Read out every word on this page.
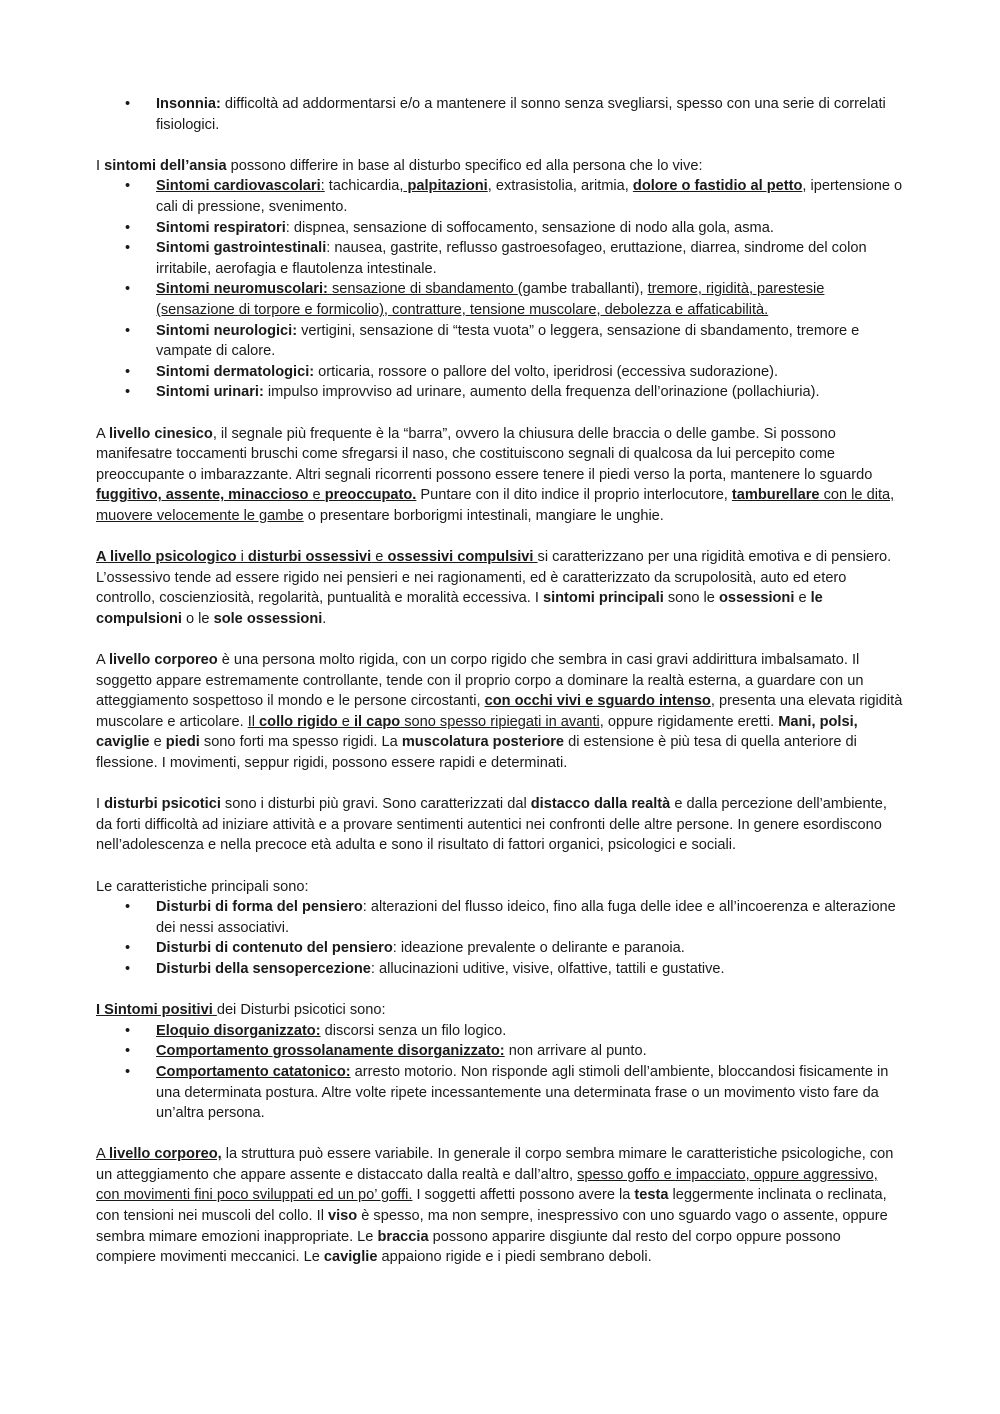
• Insonnia: difficoltà ad addormentarsi e/o a mantenere il sonno senza svegliarsi, spesso con una serie di correlati fisiologici.

I sintomi dell’ansia possono differire in base al disturbo specifico ed alla persona che lo vive:

• Sintomi cardiovascolari: tachicardia, palpitazioni, extrasistolia, aritmia, dolore o fastidio al petto, ipertensione o cali di pressione, svenimento.
• Sintomi respiratori: dispnea, sensazione di soffocamento, sensazione di nodo alla gola, asma.
• Sintomi gastrointestinali: nausea, gastrite, reflusso gastroesofageo, eruttazione, diarrea, sindrome del colon irritabile, aerofagia e flautolenza intestinale.
• Sintomi neuromuscolari: sensazione di sbandamento (gambe traballanti), tremore, rigidità, parestesie (sensazione di torpore e formicolio), contratture, tensione muscolare, debolezza e affaticabilità.
• Sintomi neurologici: vertigini, sensazione di “testa vuota” o leggera, sensazione di sbandamento, tremore e vampate di calore.
• Sintomi dermatologici: orticaria, rossore o pallore del volto, iperidrosi (eccessiva sudorazione).
• Sintomi urinari: impulso improvviso ad urinare, aumento della frequenza dell’orinazione (pollachiuria).

A livello cinesico, il segnale più frequente è la “barra”, ovvero la chiusura delle braccia o delle gambe. Si possono manifesatre toccamenti bruschi come sfregarsi il naso, che costituiscono segnali di qualcosa da lui percepito come preoccupante o imbarazzante. Altri segnali ricorrenti possono essere tenere il piedi verso la porta, mantenere lo sguardo fuggitivo, assente, minaccioso e preoccupato. Puntare con il dito indice il proprio interlocutore, tamburellare con le dita, muovere velocemente le gambe o presentare borborigmi intestinali, mangiare le unghie.

A livello psicologico i disturbi ossessivi e ossessivi compulsivi si caratterizzano per una rigidità emotiva e di pensiero. L’ossessivo tende ad essere rigido nei pensieri e nei ragionamenti, ed è caratterizzato da scrupolosità, auto ed etero controllo, coscienziosità, regolarità, puntualità e moralità eccessiva. I sintomi principali sono le ossessioni e le compulsioni o le sole ossessioni.

A livello corporeo è una persona molto rigida, con un corpo rigido che sembra in casi gravi addirittura imbalsamato. Il soggetto appare estremamente controllante, tende con il proprio corpo a dominare la realtà esterna, a guardare con un atteggiamento sospettoso il mondo e le persone circostanti, con occhi vivi e sguardo intenso, presenta una elevata rigidità muscolare e articolare. Il collo rigido e il capo sono spesso ripiegati in avanti, oppure rigidamente eretti. Mani, polsi, caviglie e piedi sono forti ma spesso rigidi. La muscolatura posteriore di estensione è più tesa di quella anteriore di flessione. I movimenti, seppur rigidi, possono essere rapidi e determinati.

I disturbi psicotici sono i disturbi più gravi. Sono caratterizzati dal distacco dalla realtà e dalla percezione dell’ambiente, da forti difficoltà ad iniziare attività e a provare sentimenti autentici nei confronti delle altre persone. In genere esordiscono nell’adolescenza e nella precoce età adulta e sono il risultato di fattori organici, psicologici e sociali.

Le caratteristiche principali sono:

• Disturbi di forma del pensiero: alterazioni del flusso ideico, fino alla fuga delle idee e all’incoerenza e alterazione dei nessi associativi.
• Disturbi di contenuto del pensiero: ideazione prevalente o delirante e paranoia.
• Disturbi della sensopercezione: allucinazioni uditive, visive, olfattive, tattili e gustative.

I Sintomi positivi dei Disturbi psicotici sono:

• Eloquio disorganizzato: discorsi senza un filo logico.
• Comportamento grossolanamente disorganizzato: non arrivare al punto.
• Comportamento catatonico: arresto motorio. Non risponde agli stimoli dell’ambiente, bloccandosi fisicamente in una determinata postura. Altre volte ripete incessantemente una determinata frase o un movimento visto fare da un’altra persona.

A livello corporeo, la struttura può essere variabile. In generale il corpo sembra mimare le caratteristiche psicologiche, con un atteggiamento che appare assente e distaccato dalla realtà e dall’altro, spesso goffo e impacciato, oppure aggressivo, con movimenti fini poco sviluppati ed un po’ goffi. I soggetti affetti possono avere la testa leggermente inclinata o reclinata, con tensioni nei muscoli del collo. Il viso è spesso, ma non sempre, inespressivo con uno sguardo vago o assente, oppure sembra mimare emozioni inappropriate. Le braccia possono apparire disgiunte dal resto del corpo oppure possono compiere movimenti meccanici. Le caviglie appaiono rigide e i piedi sembrano deboli.
